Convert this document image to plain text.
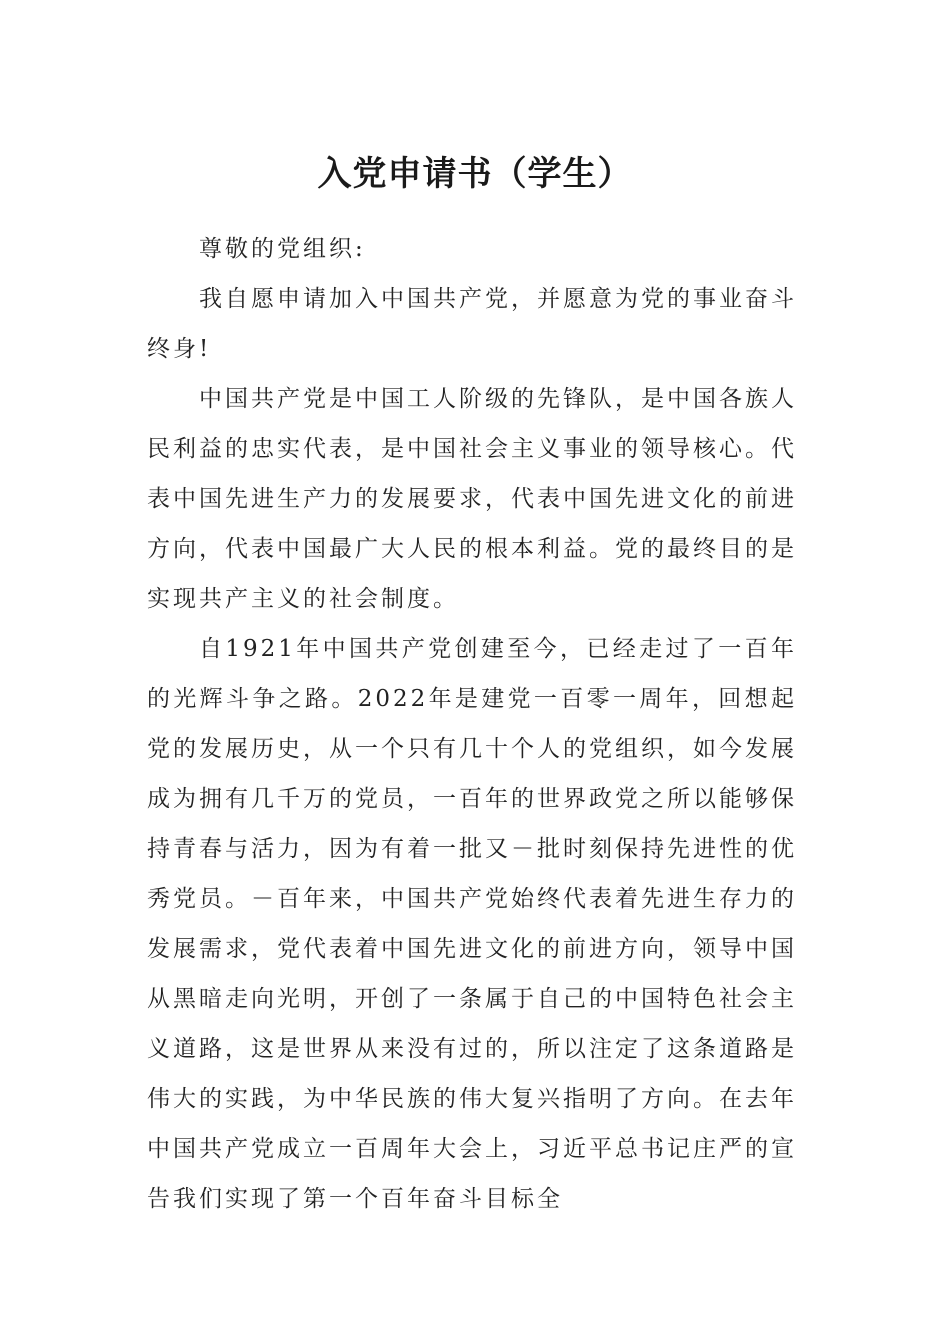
入党申请书（学生）

尊敬的党组织:

我自愿申请加入中国共产党，并愿意为党的事业奋斗终身!

中国共产党是中国工人阶级的先锋队，是中国各族人民利益的忠实代表，是中国社会主义事业的领导核心。代表中国先进生产力的发展要求，代表中国先进文化的前进方向，代表中国最广大人民的根本利益。党的最终目的是实现共产主义的社会制度。

自1921年中国共产党创建至今，已经走过了一百年的光辉斗争之路。2022年是建党一百零一周年，回想起党的发展历史，从一个只有几十个人的党组织，如今发展成为拥有几千万的党员，一百年的世界政党之所以能够保持青春与活力，因为有着一批又－批时刻保持先进性的优秀党员。－百年来，中国共产党始终代表着先进生存力的发展需求，党代表着中国先进文化的前进方向，领导中国从黑暗走向光明，开创了一条属于自己的中国特色社会主义道路，这是世界从来没有过的，所以注定了这条道路是伟大的实践，为中华民族的伟大复兴指明了方向。在去年中国共产党成立一百周年大会上，习近平总书记庄严的宣告我们实现了第一个百年奋斗目标全
